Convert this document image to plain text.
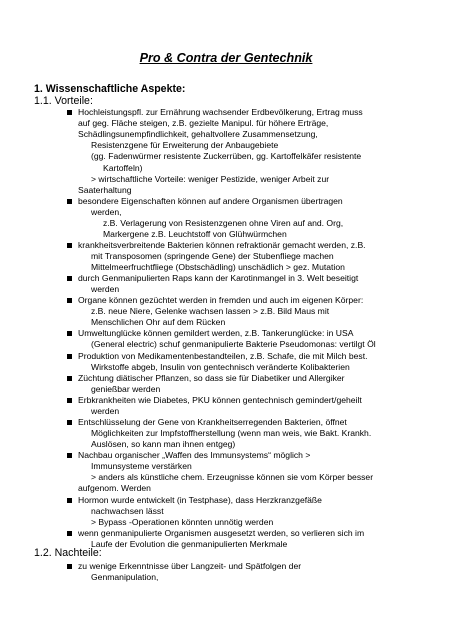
Pro & Contra der Gentechnik
1. Wissenschaftliche Aspekte:
1.1. Vorteile:
1.2. Nachteile:
Hochleistungspfl. zur Ernährung wachsender Erdbevölkerung, Ertrag muss
auf geg. Fläche steigen, z.B. gezielte Manipul. für höhere Erträge,
Schädlingsunempfindlichkeit, gehaltvollere Zusammensetzung,
Resistenzgene für Erweiterung der Anbaugebiete
(gg. Fadenwürmer resistente Zuckerrüben, gg. Kartoffelkäfer resistente
Kartoffeln)
> wirtschaftliche Vorteile: weniger Pestizide, weniger Arbeit zur
Saaterhaltung
besondere Eigenschaften können auf andere Organismen übertragen
werden,
z.B. Verlagerung von Resistenzgenen ohne Viren auf and. Org,
Markergene z.B. Leuchtstoff von Glühwürmchen
krankheitsverbreitende Bakterien können refraktionär gemacht werden, z.B.
mit Transposomen (springende Gene) der Stubenfliege machen
Mittelmeerfruchtfliege (Obstschädling) unschädlich > gez. Mutation
durch Genmanipulierten Raps kann der Karotinmangel in 3. Welt beseitigt
werden
Organe können gezüchtet werden in fremden und auch im eigenen Körper:
z.B. neue Niere, Gelenke wachsen lassen > z.B. Bild Maus mit
Menschlichen Ohr auf dem Rücken
Umweltunglücke können gemildert werden, z.B. Tankerunglücke: in USA
(General electric) schuf genmanipulierte Bakterie Pseudomonas: vertilgt Öl
Produktion von Medikamentenbestandteilen, z.B. Schafe, die mit Milch best.
Wirkstoffe abgeb, Insulin von gentechnisch veränderte Kolibakterien
Züchtung diätischer Pflanzen, so dass sie für Diabetiker und Allergiker
genießbar werden
Erbkrankheiten wie Diabetes, PKU können gentechnisch gemindert/geheilt
werden
Entschlüsselung der Gene von Krankheitserregenden Bakterien, öffnet
Möglichkeiten zur Impfstoffherstellung (wenn man weis, wie Bakt. Krankh.
Auslösen, so kann man ihnen entgeg)
Nachbau organischer „Waffen des Immunsystems“ möglich >
Immunsysteme verstärken
> anders als künstliche chem. Erzeugnisse können sie vom Körper besser
aufgenom. Werden
Hormon wurde entwickelt (in Testphase), dass Herzkranzgefäße
nachwachsen lässt
> Bypass -Operationen könnten unnötig werden
wenn genmanipulierte Organismen ausgesetzt werden, so verlieren sich im
Laufe der Evolution die genmanipulierten Merkmale
zu wenige Erkenntnisse über Langzeit- und Spätfolgen der
Genmanipulation,
